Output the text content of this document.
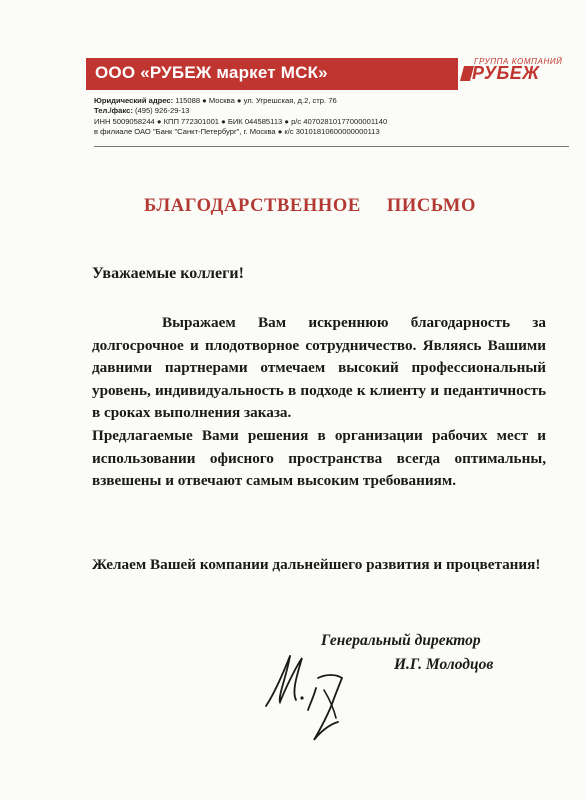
ООО «РУБЕЖ маркет МСК»
ГРУППА КОМПАНИЙ
РУБЕЖ
Юридический адрес: 115088 ● Москва ● ул. Угрешская, д.2, стр. 76
Тел./факс: (495) 926-29-13
ИНН 5009058244 ● КПП 772301001 ● БИК 044585113 ● р/с 40702810177000001140
в филиале ОАО "Банк "Санкт-Петербург", г. Москва ● к/с 30101810600000000113
БЛАГОДАРСТВЕННОЕ     ПИСЬМО
Уважаемые коллеги!

Выражаем Вам искреннюю благодарность за долгосрочное и плодотворное сотрудничество. Являясь Вашими давними партнерами отмечаем высокий профессиональный уровень, индивидуальность в подходе к клиенту и педантичность в сроках выполнения заказа.

Предлагаемые Вами решения в организации рабочих мест и использовании офисного пространства всегда оптимальны, взвешены и отвечают самым высоким требованиям.

Желаем Вашей компании дальнейшего развития и процветания!
Генеральный директор
И.Г. Молодцов
